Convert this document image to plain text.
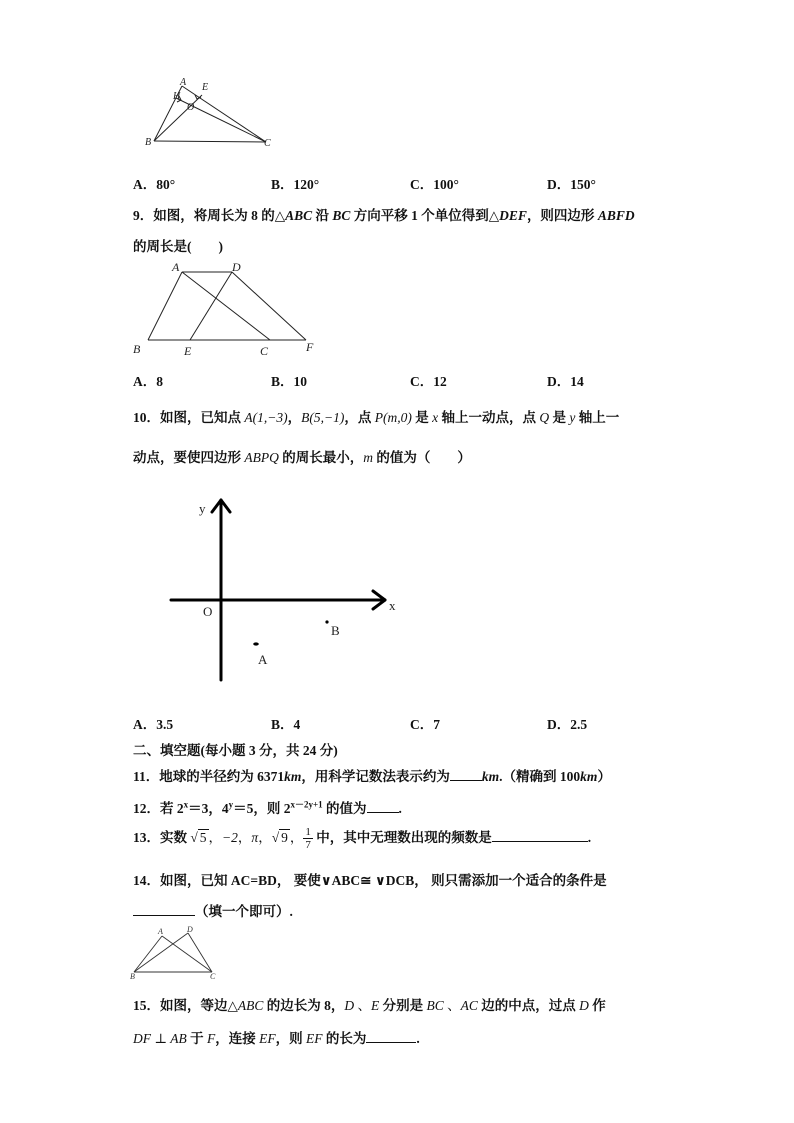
A E
H
O
B	C
A．80°	B．120°	C．100°	D．150°
9．如图，将周长为 8 的△ABC 沿 BC 方向平移 1 个单位得到△DEF，则四边形 ABFD
的周长是(　　)
A	D
B	E	C	F
A．8	B．10	C．12	D．14
10．如图，已知点 A(1,−3)，B(5,−1)，点 P(m,0) 是 x 轴上一动点，点 Q 是 y 轴上一
动点，要使四边形 ABPQ 的周长最小，m 的值为（　　）
y
x
O
B
A
A．3.5	B．4	C．7	D．2.5
二、填空题(每小题 3 分，共 24 分)
11．地球的半径约为 6371km，用科学记数法表示约为 km.（精确到 100km）
12．若 $2^x=3$，$4^y=5$，则 $2^{x-2y+1}$ 的值为 .
13．实数 √ 5 ，−2，π，√ 9 ， $\frac{1}{7}$ 中，其中无理数出现的频数是	.
14．如图，已知 AC=BD， 要使∨ABC≅ ∨DCB， 则只需添加一个适合的条件是
（填一个即可）.
A	D
B	C
15．如图，等边△ABC 的边长为 8，D 、E 分别是 BC 、AC 边的中点，过点 D 作
DF ⊥ AB 于 F，连接 EF，则 EF 的长为	.
